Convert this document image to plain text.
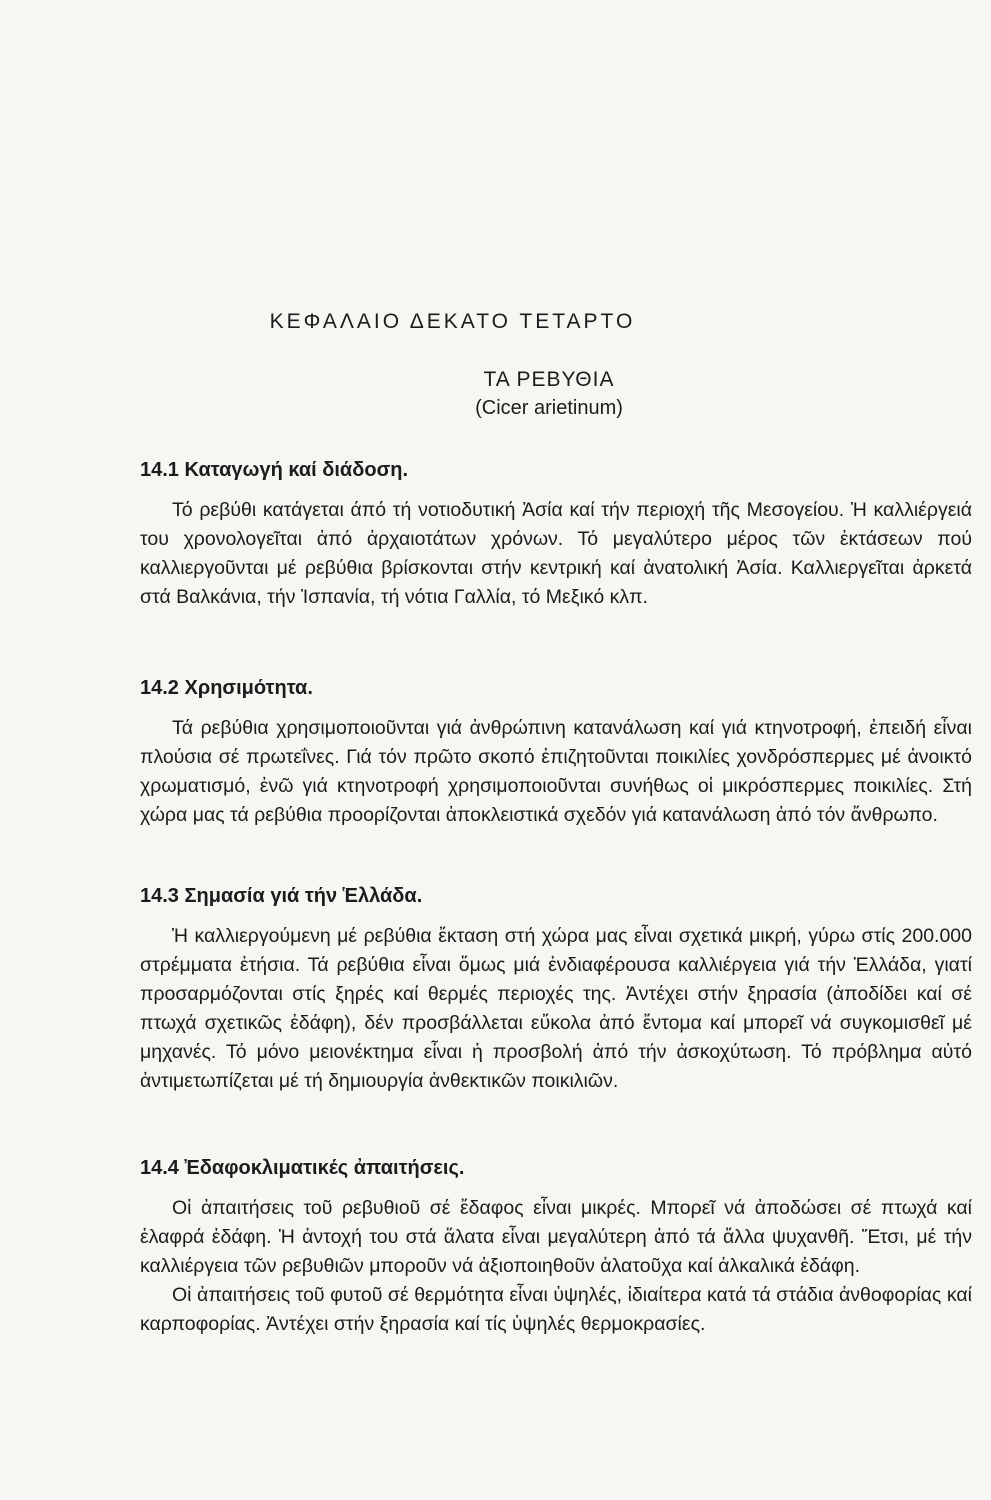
ΚΕΦΑΛΑΙΟ ΔΕΚΑΤΟ ΤΕΤΑΡΤΟ
ΤΑ ΡΕΒΥΘΙΑ
(Cicer arietinum)
14.1 Καταγωγή καί διάδοση.

Τό ρεβύθι κατάγεται άπό τή νοτιοδυτική Ἀσία καί τήν περιοχή τῆς Μεσογείου. Ἡ καλλιέργειά του χρονολογεῖται ἀπό ἀρχαιοτάτων χρόνων. Τό μεγαλύτερο μέρος τῶν ἐκτάσεων πού καλλιεργοῦνται μέ ρεβύθια βρίσκονται στήν κεντρική καί ἀνατολική Ἀσία. Καλλιεργεῖται ἀρκετά στά Βαλκάνια, τήν Ἰσπανία, τή νότια Γαλλία, τό Μεξικό κλπ.

14.2 Χρησιμότητα.

Τά ρεβύθια χρησιμοποιοῦνται γιά ἀνθρώπινη κατανάλωση καί γιά κτηνοτροφή, ἐπειδή εἶναι πλούσια σέ πρωτεΐνες. Γιά τόν πρῶτο σκοπό ἐπιζητοῦνται ποικιλίες χονδρόσπερμες μέ ἀνοικτό χρωματισμό, ἐνῶ γιά κτηνοτροφή χρησιμοποιοῦνται συνήθως οἱ μικρόσπερμες ποικιλίες. Στή χώρα μας τά ρεβύθια προορίζονται ἀποκλειστικά σχεδόν γιά κατανάλωση ἀπό τόν ἄνθρωπο.

14.3 Σημασία γιά τήν Ἑλλάδα.

Ἡ καλλιεργούμενη μέ ρεβύθια ἔκταση στή χώρα μας εἶναι σχετικά μικρή, γύρω στίς 200.000 στρέμματα ἐτήσια. Τά ρεβύθια εἶναι ὅμως μιά ἐνδιαφέρουσα καλλιέργεια γιά τήν Ἑλλάδα, γιατί προσαρμόζονται στίς ξηρές καί θερμές περιοχές της. Ἀντέχει στήν ξηρασία (ἀποδίδει καί σέ πτωχά σχετικῶς ἐδάφη), δέν προσβάλλεται εὔκολα ἀπό ἔντομα καί μπορεῖ νά συγκομισθεῖ μέ μηχανές. Τό μόνο μειονέκτημα εἶναι ἡ προσβολή ἀπό τήν ἀσκοχύτωση. Τό πρόβλημα αὐτό ἀντιμετωπίζεται μέ τή δημιουργία ἀνθεκτικῶν ποικιλιῶν.

14.4 Ἐδαφοκλιματικές ἀπαιτήσεις.

Οἱ ἀπαιτήσεις τοῦ ρεβυθιοῦ σέ ἔδαφος εἶναι μικρές. Μπορεῖ νά ἀποδώσει σέ πτωχά καί ἐλαφρά ἐδάφη. Ἡ ἀντοχή του στά ἅλατα εἶναι μεγαλύτερη ἀπό τά ἄλλα ψυχανθῆ. Ἔτσι, μέ τήν καλλιέργεια τῶν ρεβυθιῶν μποροῦν νά ἀξιοποιηθοῦν ἁλατοῦχα καί ἀλκαλικά ἐδάφη.

Οἱ ἀπαιτήσεις τοῦ φυτοῦ σέ θερμότητα εἶναι ὑψηλές, ἰδιαίτερα κατά τά στάδια ἀνθοφορίας καί καρποφορίας. Ἀντέχει στήν ξηρασία καί τίς ὑψηλές θερμοκρασίες.
